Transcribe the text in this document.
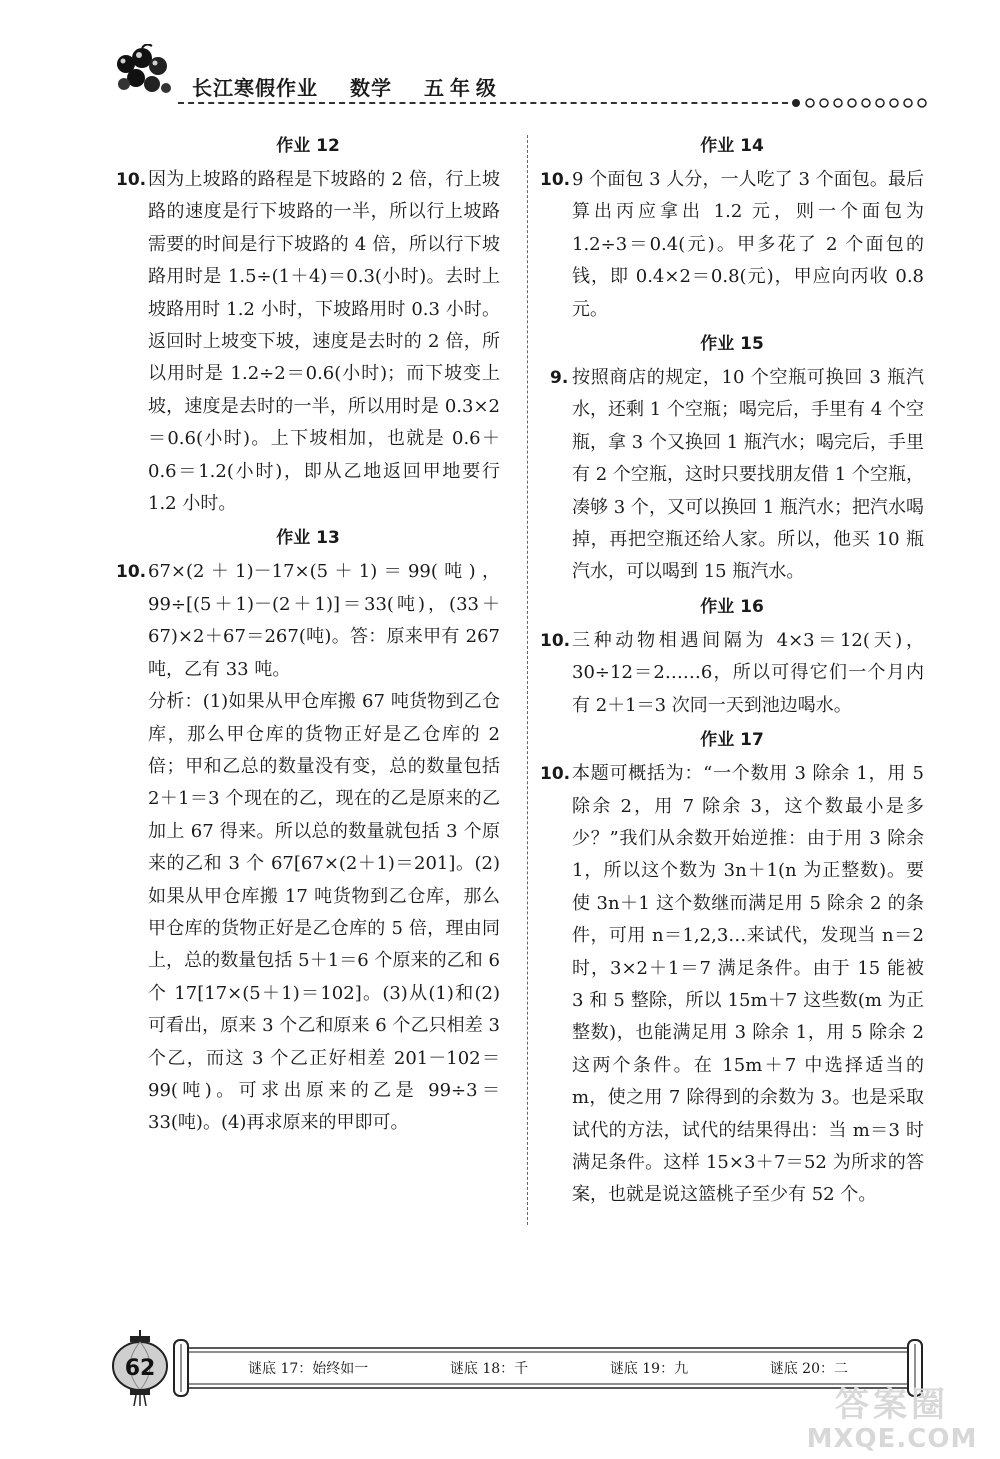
长江寒假作业 数学 五年级
作业 12
10. 因为上坡路的路程是下坡路的 2 倍，行上坡路的速度是行下坡路的一半，所以行上坡路需要的时间是行下坡路的 4 倍，所以行下坡路用时是 1.5÷(1＋4)＝0.3(小时)。去时上坡路用时 1.2 小时，下坡路用时 0.3 小时。返回时上坡变下坡，速度是去时的 2 倍，所以用时是 1.2÷2＝0.6(小时)；而下坡变上坡，速度是去时的一半，所以用时是 0.3×2＝0.6(小时)。上下坡相加，也就是 0.6＋0.6＝1.2(小时)，即从乙地返回甲地要行 1.2 小时。
作业 13
10. 67×(2＋1)－17×(5＋1)＝99(吨)，99÷[(5＋1)－(2＋1)]＝33(吨)，(33＋67)×2＋67＝267(吨)。答：原来甲有 267 吨，乙有 33 吨。
分析：(1)如果从甲仓库搬 67 吨货物到乙仓库，那么甲仓库的货物正好是乙仓库的 2 倍；甲和乙总的数量没有变，总的数量包括 2＋1＝3 个现在的乙，现在的乙是原来的乙加上 67 得来。所以总的数量就包括 3 个原来的乙和 3 个 67[67×(2＋1)＝201]。(2)如果从甲仓库搬 17 吨货物到乙仓库，那么甲仓库的货物正好是乙仓库的 5 倍，理由同上，总的数量包括 5＋1＝6 个原来的乙和 6 个 17[17×(5＋1)＝102]。(3)从(1)和(2)可看出，原来 3 个乙和原来 6 个乙只相差 3 个乙，而这 3 个乙正好相差 201－102＝99(吨)。可求出原来的乙是 99÷3＝33(吨)。(4)再求原来的甲即可。
作业 14
10. 9 个面包 3 人分，一人吃了 3 个面包。最后算出丙应拿出 1.2 元，则一个面包为 1.2÷3＝0.4(元)。甲多花了 2 个面包的钱，即 0.4×2＝0.8(元)，甲应向丙收 0.8 元。
作业 15
9. 按照商店的规定，10 个空瓶可换回 3 瓶汽水，还剩 1 个空瓶；喝完后，手里有 4 个空瓶，拿 3 个又换回 1 瓶汽水；喝完后，手里有 2 个空瓶，这时只要找朋友借 1 个空瓶，凑够 3 个，又可以换回 1 瓶汽水；把汽水喝掉，再把空瓶还给人家。所以，他买 10 瓶汽水，可以喝到 15 瓶汽水。
作业 16
10. 三种动物相遇间隔为 4×3＝12(天)，30÷12＝2……6，所以可得它们一个月内有 2＋1＝3 次同一天到池边喝水。
作业 17
10. 本题可概括为：“一个数用 3 除余 1，用 5 除余 2，用 7 除余 3，这个数最小是多少？”我们从余数开始逆推：由于用 3 除余 1，所以这个数为 3n＋1(n 为正整数)。要使 3n＋1 这个数继而满足用 5 除余 2 的条件，可用 n＝1,2,3…来试代，发现当 n＝2 时，3×2＋1＝7 满足条件。由于 15 能被 3 和 5 整除，所以 15m＋7 这些数(m 为正整数)，也能满足用 3 除余 1，用 5 除余 2 这两个条件。在 15m＋7 中选择适当的 m，使之用 7 除得到的余数为 3。也是采取试代的方法，试代的结果得出：当 m＝3 时满足条件。这样 15×3＋7＝52 为所求的答案，也就是说这篮桃子至少有 52 个。
62	谜底 17：始终如一	谜底 18：千	谜底 19：九	谜底 20：二
答案圈
MXQE.COM
